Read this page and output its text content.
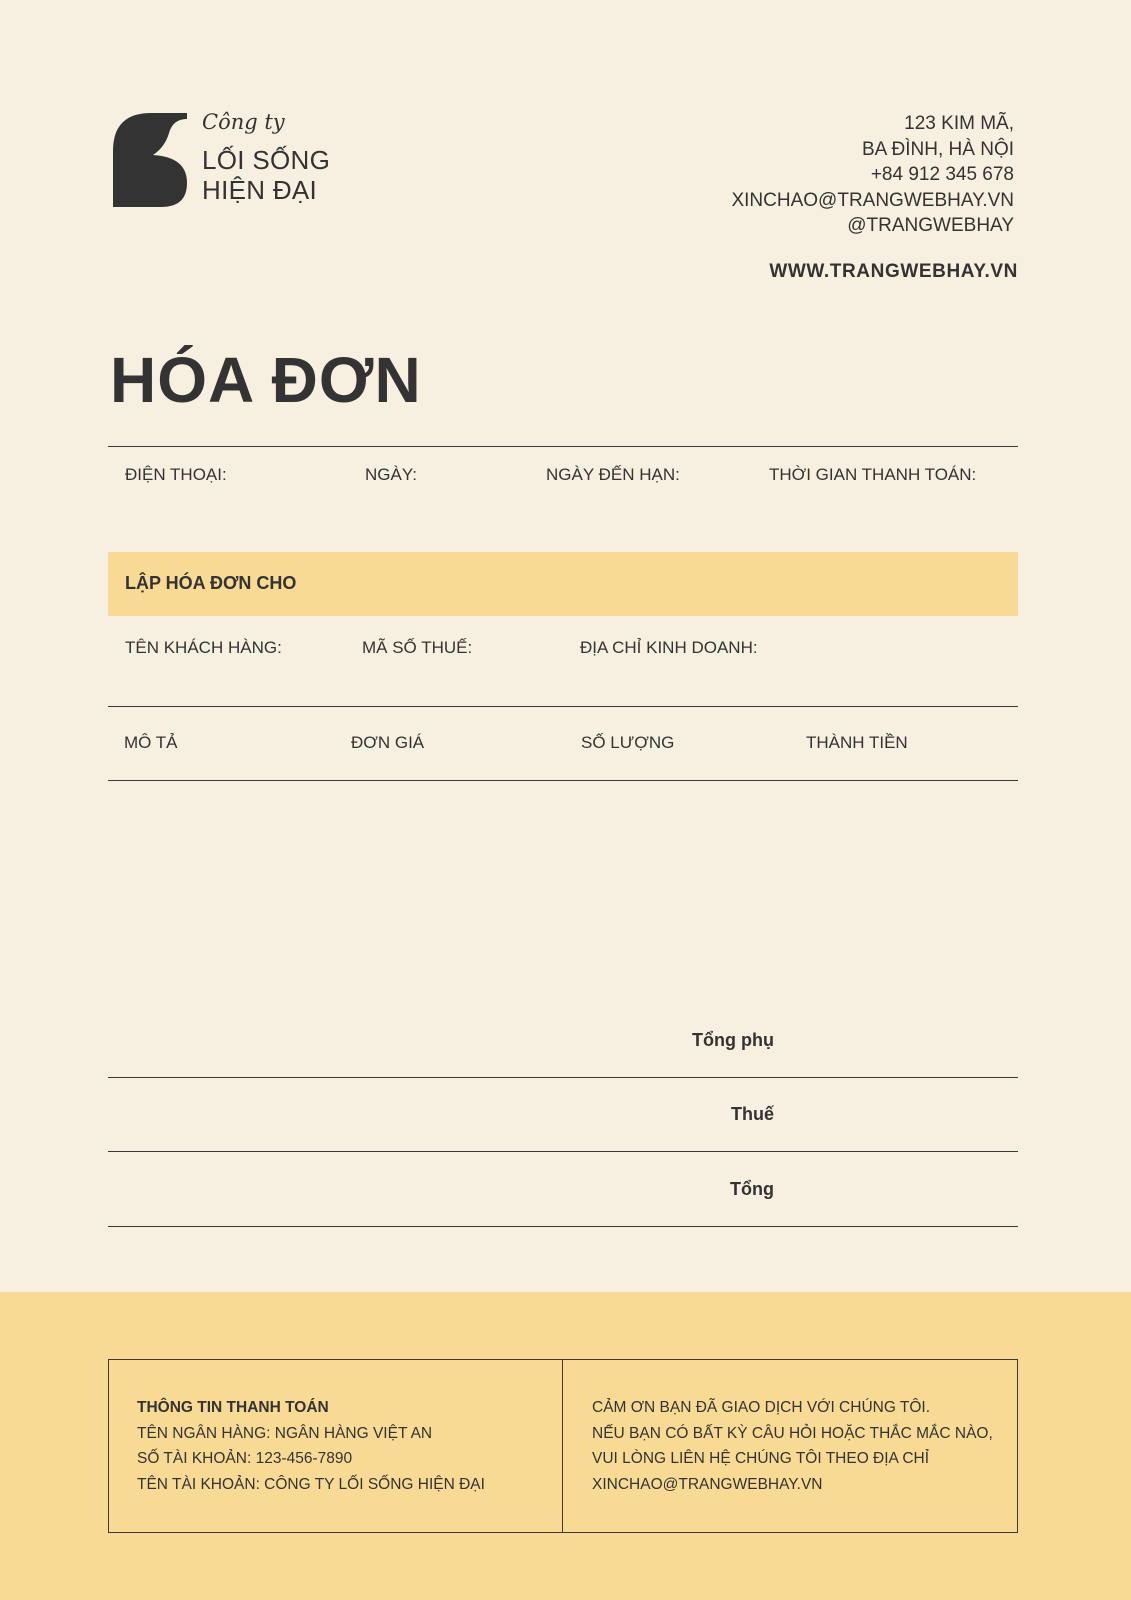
Công ty
LỐI SỐNG
HIỆN ĐẠI
123 KIM MÃ,
BA ĐÌNH, HÀ NỘI
+84 912 345 678
XINCHAO@TRANGWEBHAY.VN
@TRANGWEBHAY
WWW.TRANGWEBHAY.VN
HÓA ĐƠN
ĐIỆN THOẠI:	NGÀY:	NGÀY ĐẾN HẠN:	THỜI GIAN THANH TOÁN:
LẬP HÓA ĐƠN CHO
TÊN KHÁCH HÀNG:	MÃ SỐ THUẾ:	ĐỊA CHỈ KINH DOANH:
MÔ TẢ	ĐƠN GIÁ	SỐ LƯỢNG	THÀNH TIỀN
Tổng phụ
Thuế
Tổng
THÔNG TIN THANH TOÁN
TÊN NGÂN HÀNG: NGÂN HÀNG VIỆT AN
SỐ TÀI KHOẢN: 123-456-7890
TÊN TÀI KHOẢN: CÔNG TY LỐI SỐNG HIỆN ĐẠI
CẢM ƠN BẠN ĐÃ GIAO DỊCH VỚI CHÚNG TÔI.
NẾU BẠN CÓ BẤT KỲ CÂU HỎI HOẶC THẮC MẮC NÀO,
VUI LÒNG LIÊN HỆ CHÚNG TÔI THEO ĐỊA CHỈ
XINCHAO@TRANGWEBHAY.VN
